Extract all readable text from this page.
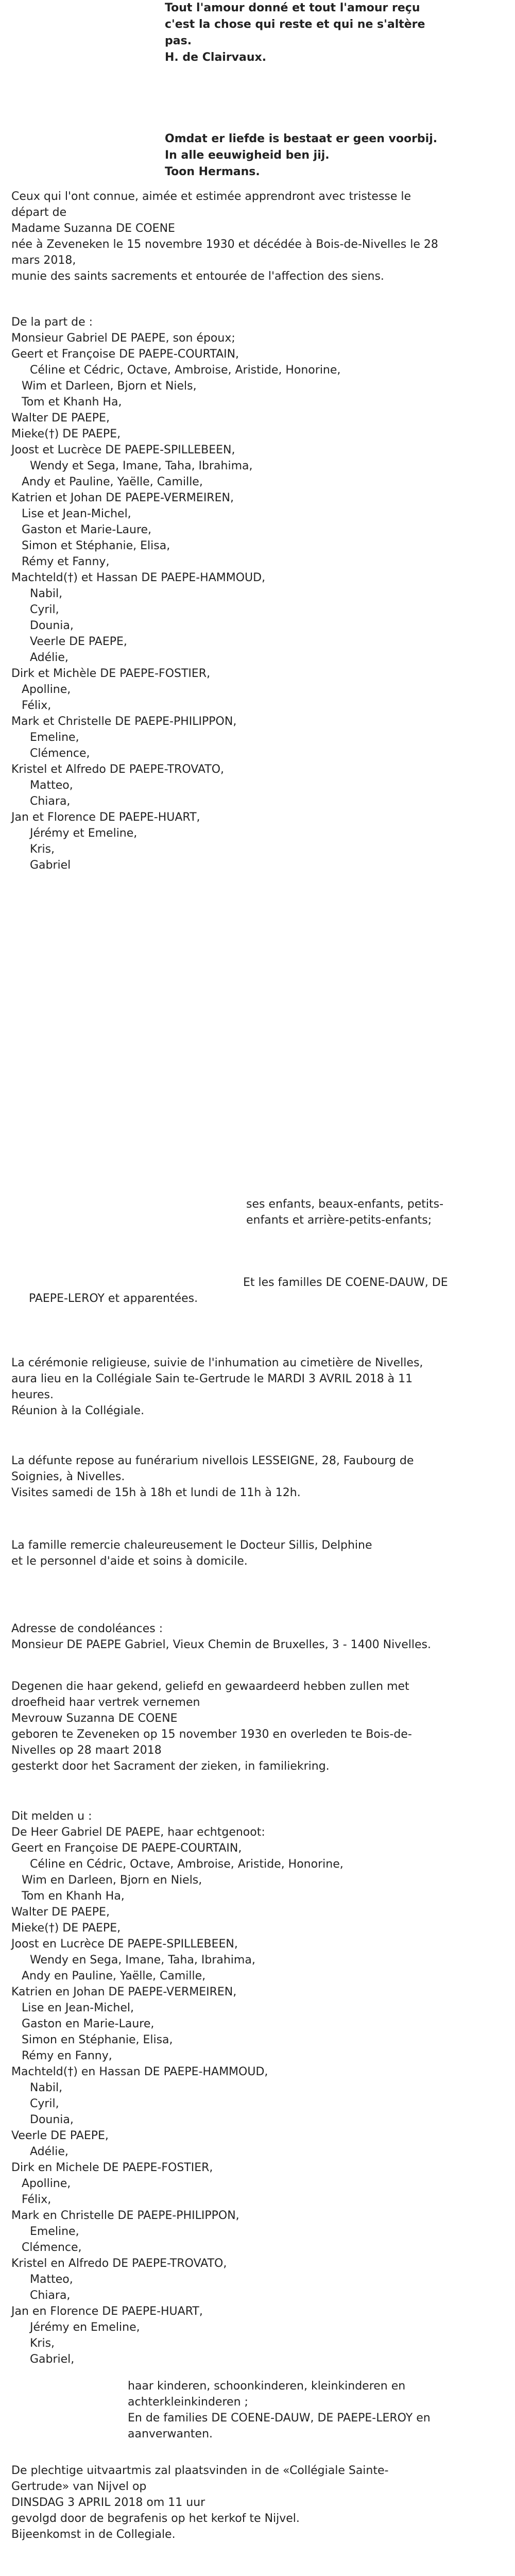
Tout l'amour donné et tout l'amour reçu
c'est la chose qui reste et qui ne s'altère
pas.
H. de Clairvaux.
Omdat er liefde is bestaat er geen voorbij.
In alle eeuwigheid ben jij.
Toon Hermans.
Ceux qui l'ont connue, aimée et estimée apprendront avec tristesse le
départ de
Madame Suzanna DE COENE
née à Zeveneken le 15 novembre 1930 et décédée à Bois-de-Nivelles le 28
mars 2018,
munie des saints sacrements et entourée de l'affection des siens.
De la part de :
Monsieur Gabriel DE PAEPE, son époux;
Geert et Françoise DE PAEPE-COURTAIN,
Céline et Cédric, Octave, Ambroise, Aristide, Honorine,
Wim et Darleen, Bjorn et Niels,
Tom et Khanh Ha,
Walter DE PAEPE,
Mieke(†) DE PAEPE,
Joost et Lucrèce DE PAEPE-SPILLEBEEN,
Wendy et Sega, Imane, Taha, Ibrahima,
Andy et Pauline, Yaëlle, Camille,
Katrien et Johan DE PAEPE-VERMEIREN,
Lise et Jean-Michel,
Gaston et Marie-Laure,
Simon et Stéphanie, Elisa,
Rémy et Fanny,
Machteld(†) et Hassan DE PAEPE-HAMMOUD,
Nabil,
Cyril,
Dounia,
Veerle DE PAEPE,
Adélie,
Dirk et Michèle DE PAEPE-FOSTIER,
Apolline,
Félix,
Mark et Christelle DE PAEPE-PHILIPPON,
Emeline,
Clémence,
Kristel et Alfredo DE PAEPE-TROVATO,
Matteo,
Chiara,
Jan et Florence DE PAEPE-HUART,
Jérémy et Emeline,
Kris,
Gabriel
ses enfants, beaux-enfants, petits-
enfants et arrière-petits-enfants;
Et les familles DE COENE-DAUW, DE
PAEPE-LEROY et apparentées.
La cérémonie religieuse, suivie de l'inhumation au cimetière de Nivelles,
aura lieu en la Collégiale Sain te-Gertrude le MARDI 3 AVRIL 2018 à 11
heures.
Réunion à la Collégiale.
La défunte repose au funérarium nivellois LESSEIGNE, 28, Faubourg de
Soignies, à Nivelles.
Visites samedi de 15h à 18h et lundi de 11h à 12h.
La famille remercie chaleureusement le Docteur Sillis, Delphine
et le personnel d'aide et soins à domicile.
Adresse de condoléances :
Monsieur DE PAEPE Gabriel, Vieux Chemin de Bruxelles, 3 - 1400 Nivelles.
Degenen die haar gekend, geliefd en gewaardeerd hebben zullen met
droefheid haar vertrek vernemen
Mevrouw Suzanna DE COENE
geboren te Zeveneken op 15 november 1930 en overleden te Bois-de-
Nivelles op 28 maart 2018
gesterkt door het Sacrament der zieken, in familiekring.
Dit melden u :
De Heer Gabriel DE PAEPE, haar echtgenoot:
Geert en Françoise DE PAEPE-COURTAIN,
Céline en Cédric, Octave, Ambroise, Aristide, Honorine,
Wim en Darleen, Bjorn en Niels,
Tom en Khanh Ha,
Walter DE PAEPE,
Mieke(†) DE PAEPE,
Joost en Lucrèce DE PAEPE-SPILLEBEEN,
Wendy en Sega, Imane, Taha, Ibrahima,
Andy en Pauline, Yaëlle, Camille,
Katrien en Johan DE PAEPE-VERMEIREN,
Lise en Jean-Michel,
Gaston en Marie-Laure,
Simon en Stéphanie, Elisa,
Rémy en Fanny,
Machteld(†) en Hassan DE PAEPE-HAMMOUD,
Nabil,
Cyril,
Dounia,
Veerle DE PAEPE,
Adélie,
Dirk en Michele DE PAEPE-FOSTIER,
Apolline,
Félix,
Mark en Christelle DE PAEPE-PHILIPPON,
Emeline,
Clémence,
Kristel en Alfredo DE PAEPE-TROVATO,
Matteo,
Chiara,
Jan en Florence DE PAEPE-HUART,
Jérémy en Emeline,
Kris,
Gabriel,
haar kinderen, schoonkinderen, kleinkinderen en
achterkleinkinderen ;
En de families DE COENE-DAUW, DE PAEPE-LEROY en
aanverwanten.
De plechtige uitvaartmis zal plaatsvinden in de «Collégiale Sainte-
Gertrude» van Nijvel op
DINSDAG 3 APRIL 2018 om 11 uur
gevolgd door de begrafenis op het kerkof te Nijvel.
Bijeenkomst in de Collegiale.
